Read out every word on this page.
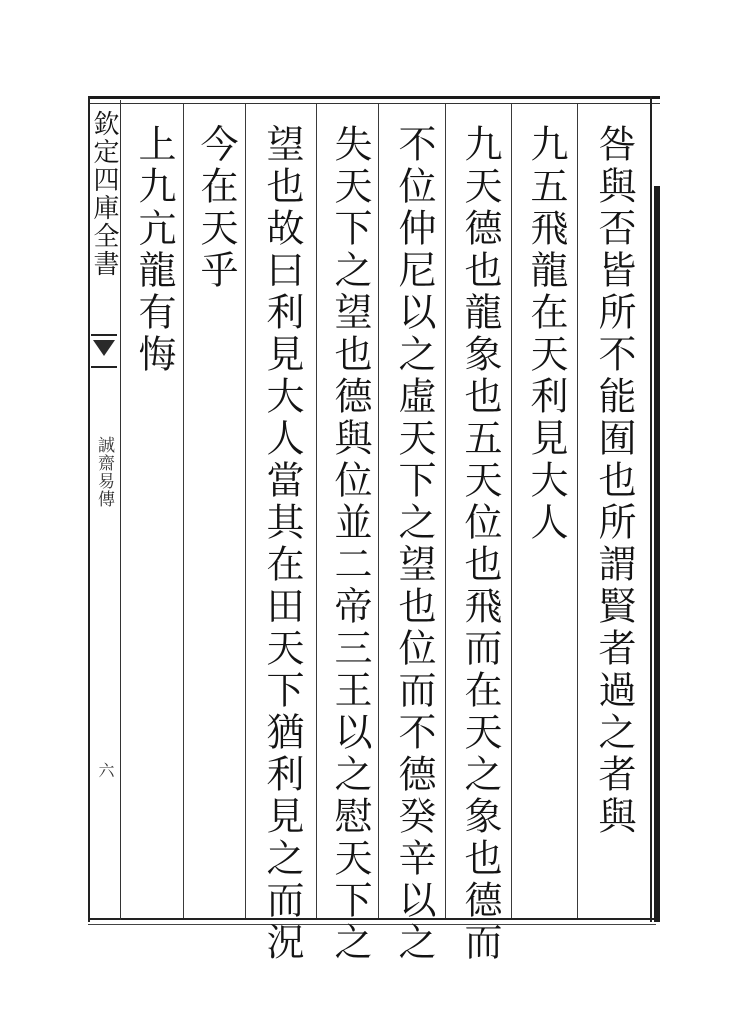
欽定四庫全書
誠齋易傳
六	咎與否皆所不能囿也所謂賢者過之者與
九五飛龍在天利見大人
九天德也龍象也五天位也飛而在天之象也德而
不位仲尼以之虛天下之望也位而不德癸辛以之
失天下之望也德與位並二帝三王以之慰天下之
望也故曰利見大人當其在田天下猶利見之而況
今在天乎
上九亢龍有悔
